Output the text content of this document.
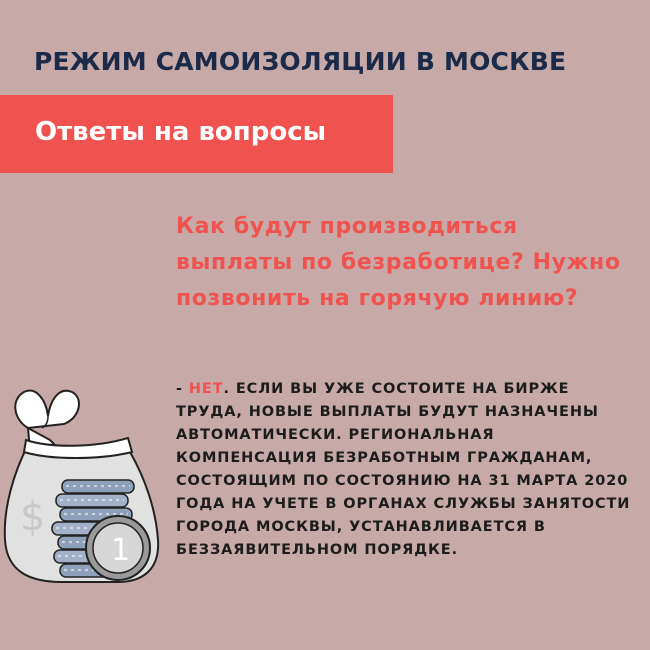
РЕЖИМ САМОИЗОЛЯЦИИ В МОСКВЕ
Ответы на вопросы
Как будут производиться выплаты по безработице? Нужно позвонить на горячую линию?
- НЕТ. ЕСЛИ ВЫ УЖЕ СОСТОИТЕ НА БИРЖЕ ТРУДА, НОВЫЕ ВЫПЛАТЫ БУДУТ НАЗНАЧЕНЫ АВТОМАТИЧЕСКИ. РЕГИОНАЛЬНАЯ КОМПЕНСАЦИЯ БЕЗРАБОТНЫМ ГРАЖДАНАМ, СОСТОЯЩИМ ПО СОСТОЯНИЮ НА 31 МАРТА 2020 ГОДА НА УЧЕТЕ В ОРГАНАХ СЛУЖБЫ ЗАНЯТОСТИ ГОРОДА МОСКВЫ, УСТАНАВЛИВАЕТСЯ В БЕЗЗАЯВИТЕЛЬНОМ ПОРЯДКЕ.
$
1
